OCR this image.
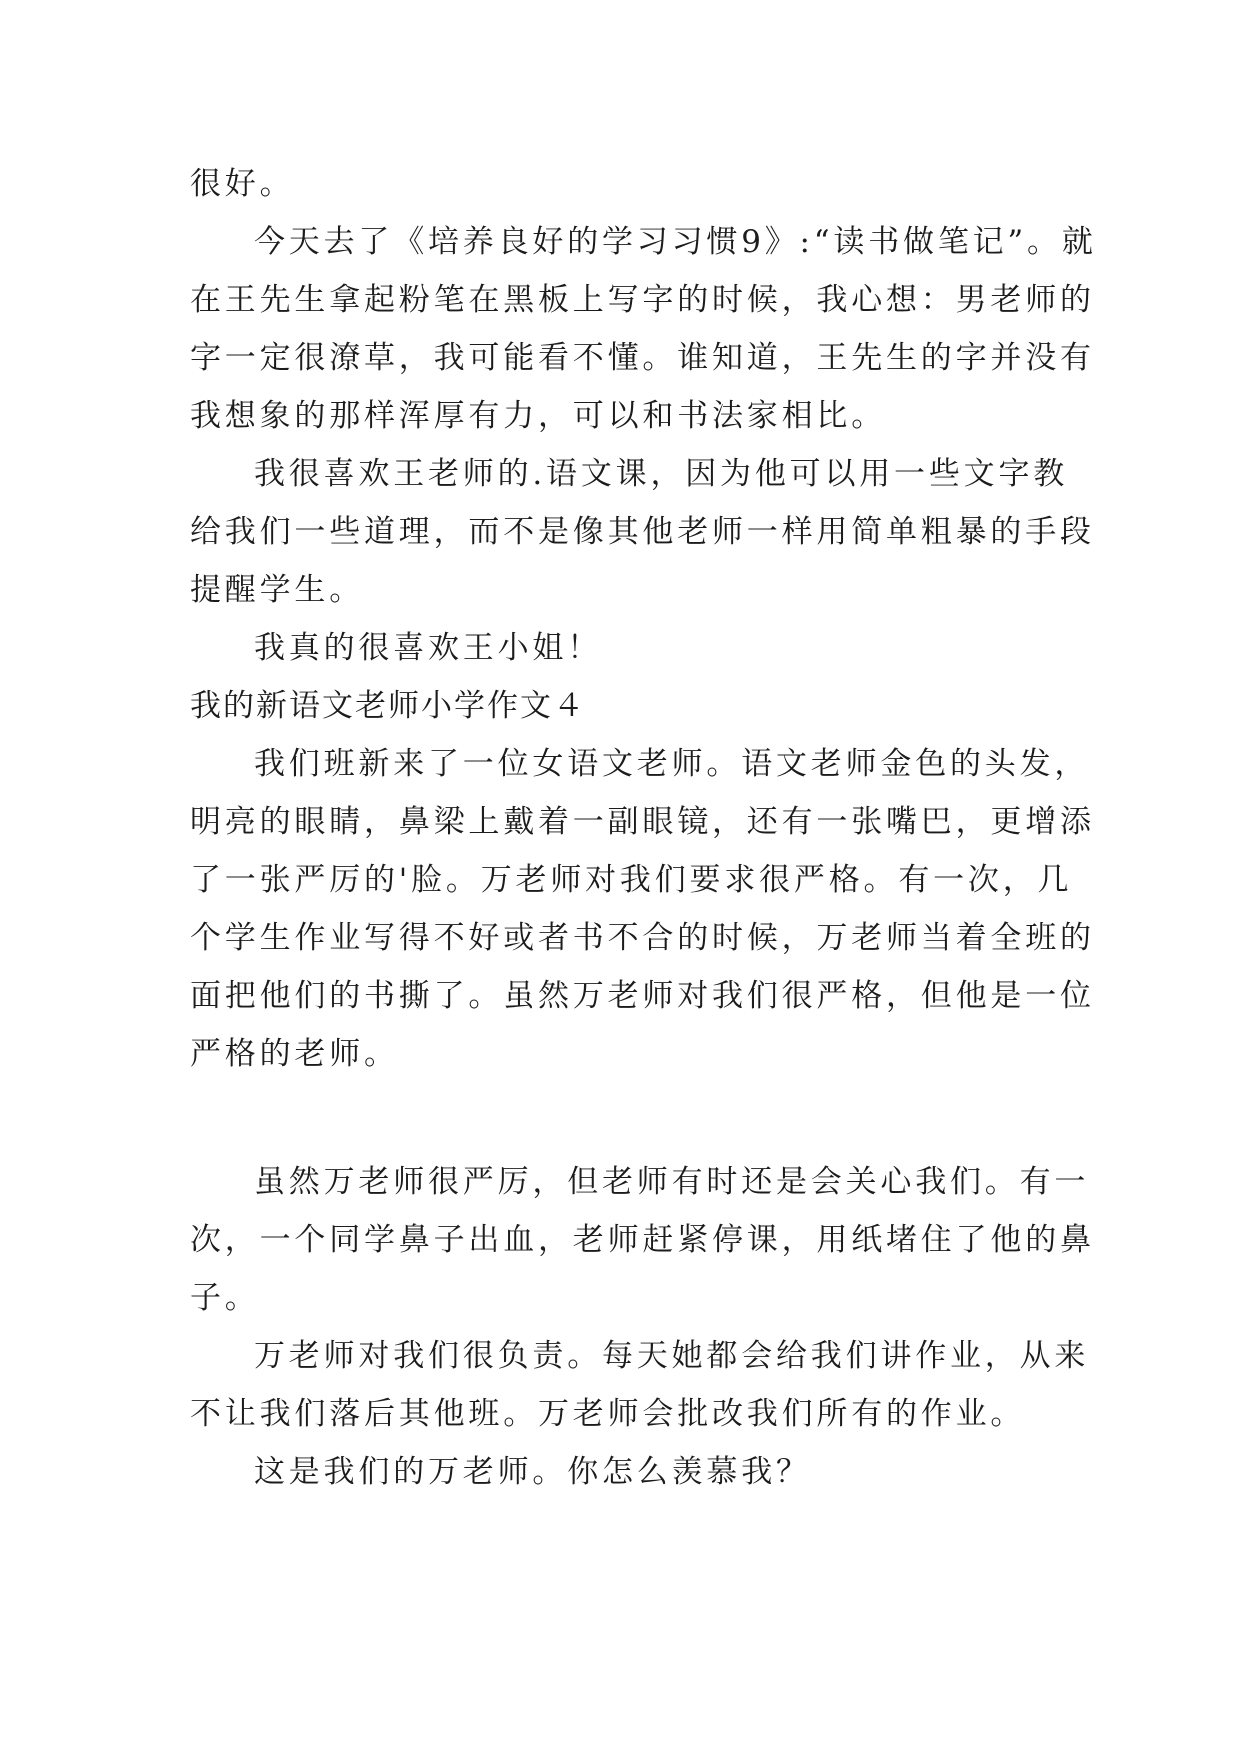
很好。
今天去了《培养良好的学习习惯9》:“读书做笔记”。就
在王先生拿起粉笔在黑板上写字的时候，我心想：男老师的
字一定很潦草，我可能看不懂。谁知道，王先生的字并没有
我想象的那样浑厚有力，可以和书法家相比。
我很喜欢王老师的.语文课，因为他可以用一些文字教
给我们一些道理，而不是像其他老师一样用简单粗暴的手段
提醒学生。
我真的很喜欢王小姐！
我的新语文老师小学作文４
我们班新来了一位女语文老师。语文老师金色的头发，
明亮的眼睛，鼻梁上戴着一副眼镜，还有一张嘴巴，更增添
了一张严厉的'脸。万老师对我们要求很严格。有一次，几
个学生作业写得不好或者书不合的时候，万老师当着全班的
面把他们的书撕了。虽然万老师对我们很严格，但他是一位
严格的老师。
虽然万老师很严厉，但老师有时还是会关心我们。有一
次，一个同学鼻子出血，老师赶紧停课，用纸堵住了他的鼻
子。
万老师对我们很负责。每天她都会给我们讲作业，从来
不让我们落后其他班。万老师会批改我们所有的作业。
这是我们的万老师。你怎么羡慕我？
